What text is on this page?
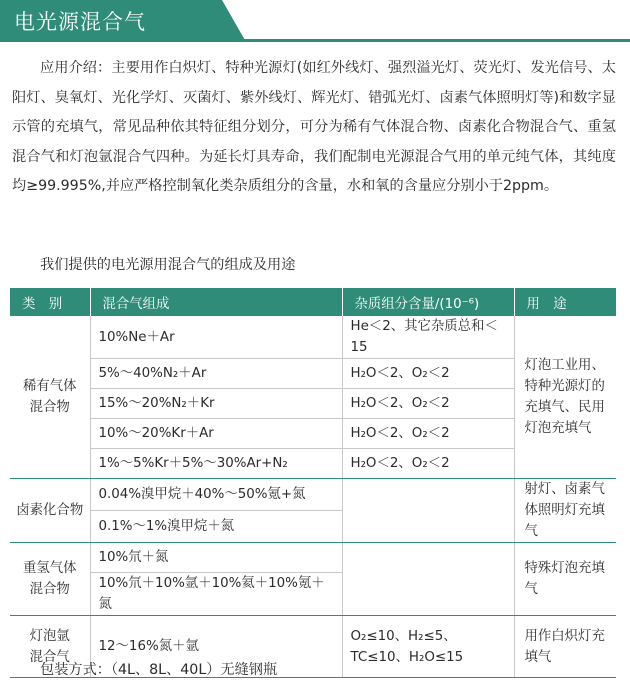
电光源混合气

应用介绍：主要用作白炽灯、特种光源灯(如红外线灯、强烈溢光灯、荧光灯、发光信号、太阳灯、臭氧灯、光化学灯、灭菌灯、紫外线灯、辉光灯、错弧光灯、卤素气体照明灯等)和数字显示管的充填气，常见品种依其特征组分划分，可分为稀有气体混合物、卤素化合物混合气、重氢混合气和灯泡氩混合气四种。为延长灯具寿命，我们配制电光源混合气用的单元纯气体，其纯度均≥99.995%,并应严格控制氧化类杂质组分的含量，水和氧的含量应分别小于2ppm。

我们提供的电光源用混合气的组成及用途
类　别	混合气组成	杂质组分含量/(10⁻⁶)	用　途
稀有气体混合物	10%Ne＋Ar	He＜2、其它杂质总和＜15	灯泡工业用、特种光源灯的充填气、民用灯泡充填气
	5%～40%N₂＋Ar	H₂O＜2、O₂＜2	
	15%～20%N₂＋Kr	H₂O＜2、O₂＜2	
	10%～20%Kr＋Ar	H₂O＜2、O₂＜2	
	1%～5%Kr＋5%～30%Ar+N₂	H₂O＜2、O₂＜2	
卤素化合物	0.04%溴甲烷＋40%～50%氪+氮		射灯、卤素气体照明灯充填气
	0.1%～1%溴甲烷＋氮		
重氢气体混合物	10%氘＋氮		特殊灯泡充填气
	10%氘＋10%氩＋10%氦＋10%氪＋氮		
灯泡氩混合气	12～16%氮＋氩	O₂≤10、H₂≤5、TC≤10、H₂O≤15	用作白炽灯充填气
包装方式：（4L、8L、40L）无缝钢瓶
